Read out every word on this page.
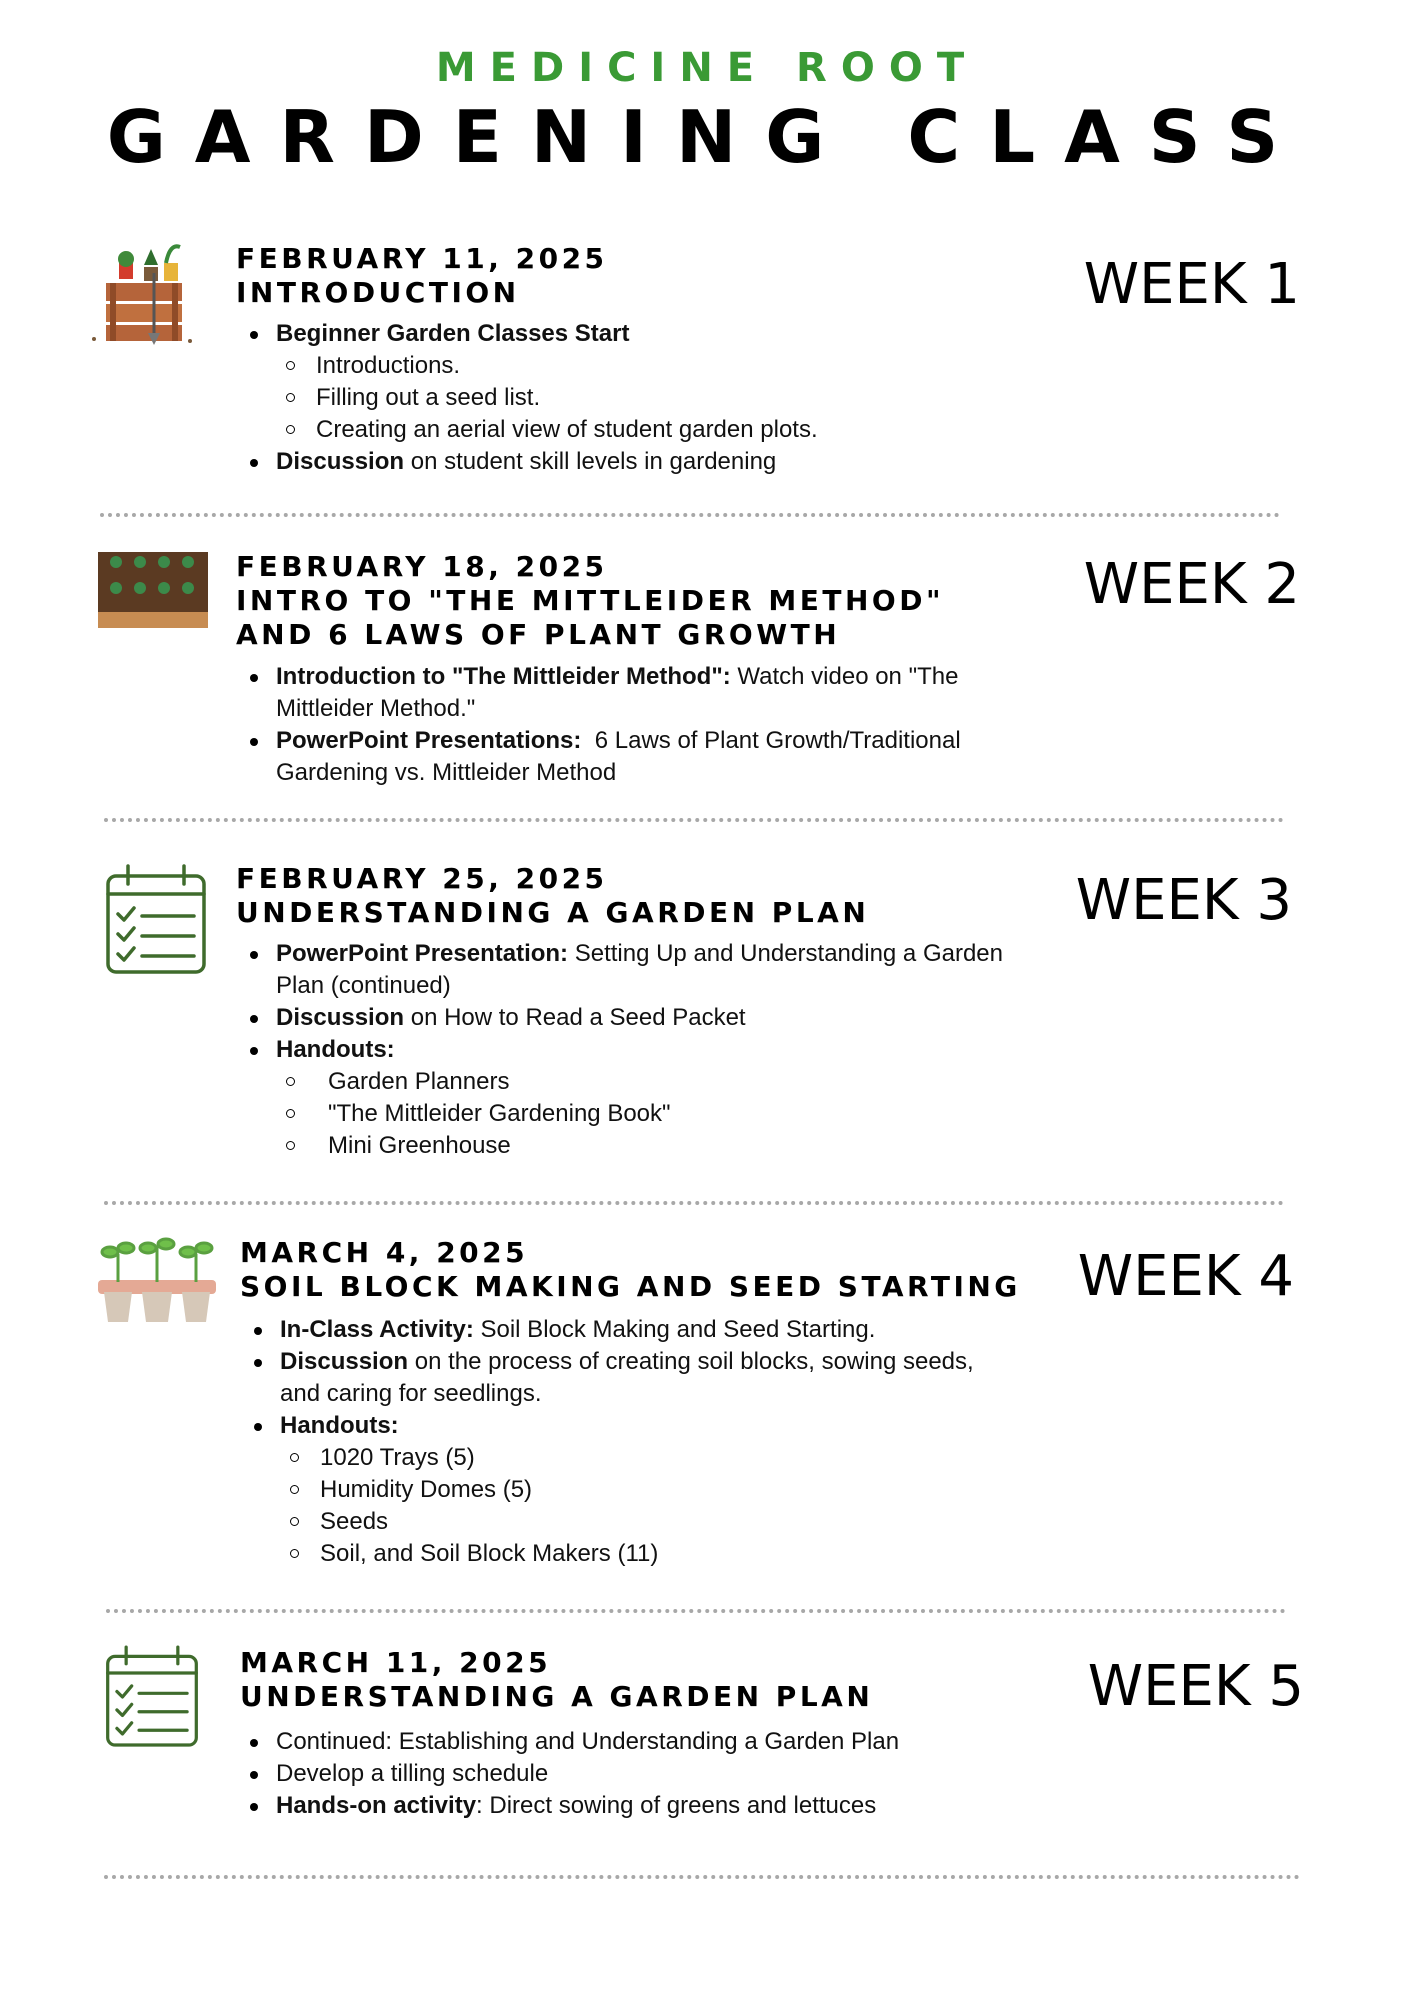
MEDICINE ROOT
GARDENING CLASS
FEBRUARY 11, 2025
INTRODUCTION	WEEK 1
Beginner Garden Classes Start
Introductions.
Filling out a seed list.
Creating an aerial view of student garden plots.
Discussion on student skill levels in gardening
FEBRUARY 18, 2025
INTRO TO "THE MITTLEIDER METHOD"
AND 6 LAWS OF PLANT GROWTH
WEEK 2
Introduction to "The Mittleider Method": Watch video on "The Mittleider Method."
PowerPoint Presentations:  6 Laws of Plant Growth/Traditional Gardening vs. Mittleider Method
FEBRUARY 25, 2025
UNDERSTANDING A GARDEN PLAN	WEEK 3
PowerPoint Presentation: Setting Up and Understanding a Garden Plan (continued)
Discussion on How to Read a Seed Packet
Handouts:
Garden Planners
"The Mittleider Gardening Book"
Mini Greenhouse
MARCH 4, 2025
SOIL BLOCK MAKING AND SEED STARTING WEEK 4
In-Class Activity: Soil Block Making and Seed Starting.
Discussion on the process of creating soil blocks, sowing seeds, and caring for seedlings.
Handouts:
1020 Trays (5)
Humidity Domes (5)
Seeds
Soil, and Soil Block Makers (11)
MARCH 11, 2025
UNDERSTANDING A GARDEN PLAN	WEEK 5
Continued: Establishing and Understanding a Garden Plan
Develop a tilling schedule
Hands-on activity: Direct sowing of greens and lettuces
